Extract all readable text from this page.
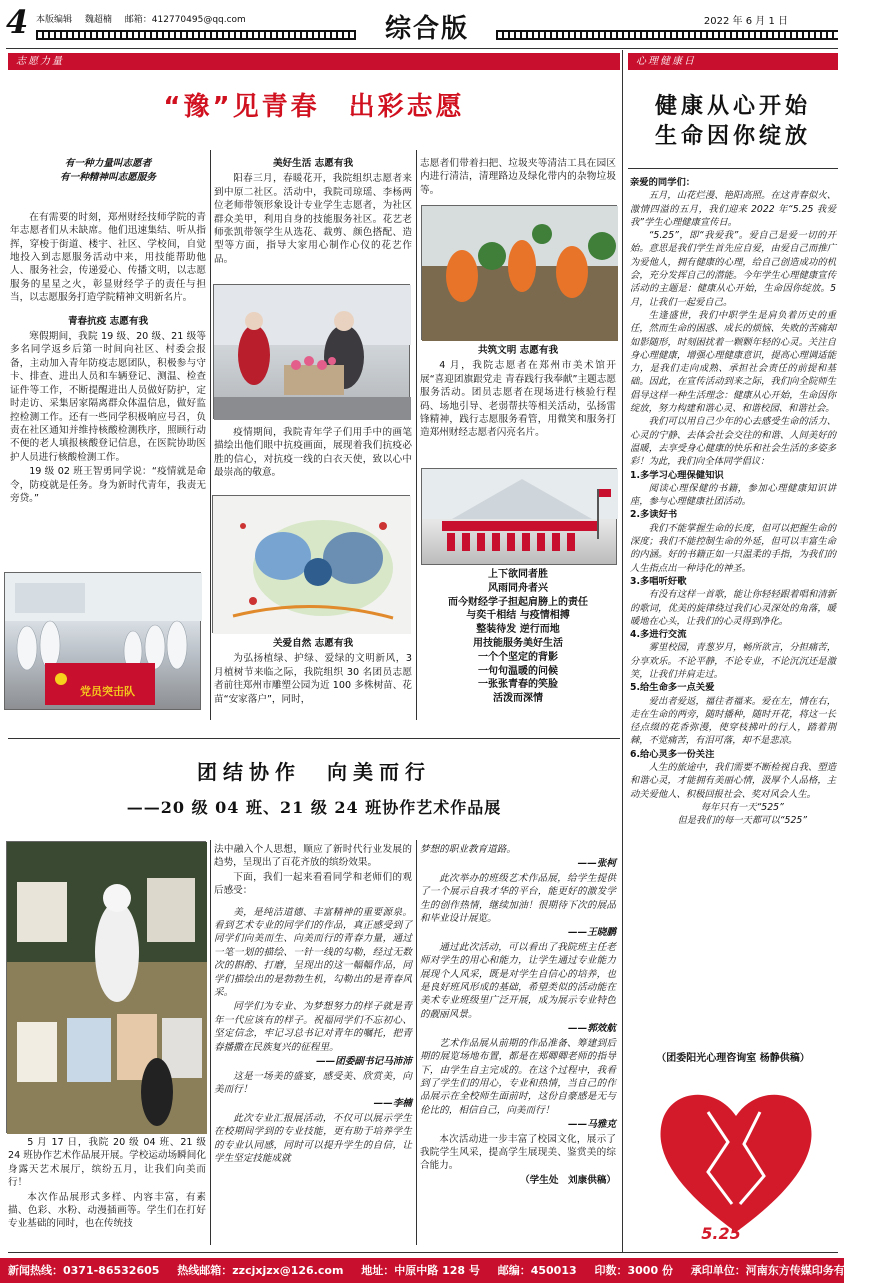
4 本版编辑 魏超楠 邮箱：412770495@qq.com	综合版	2022 年 6 月 1 日
志愿力量	心理健康日
“豫”见青春　出彩志愿

有一种力量叫志愿者

有一种精神叫志愿服务

在有需要的时刻，郑州财经技师学院的青年志愿者们从未缺席。他们迅速集结、听从指挥，穿梭于街道、楼宇、社区、学校间，自觉地投入到志愿服务活动中来，用技能帮助他人、服务社会，传递爱心、传播文明，以志愿服务的星星之火，彰显财经学子的责任与担当，以志愿服务打造学院精神文明新名片。

青春抗疫 志愿有我

寒假期间，我院 19 级、20 级、21 级等多名同学返乡后第一时间向社区、村委会报备，主动加入青年防疫志愿团队，积极参与守卡、排查、进出人员和车辆登记、测温、检查证件等工作，不断提醒进出人员做好防护，定时走访、采集居家隔离群众体温信息，做好监控检测工作。还有一些同学积极响应号召，负责在社区通知并维持核酸检测秩序，照顾行动不便的老人填报核酸登记信息，在医院协助医护人员进行核酸检测工作。

19 级 02 班王智勇同学说：“疫情就是命令，防疫就是任务。身为新时代青年，我责无旁贷。”

党员突击队

美好生活 志愿有我

阳春三月，春暖花开，我院组织志愿者来到中原二社区。活动中，我院司琼瑶、李杨两位老师带领形象设计专业学生志愿者，为社区群众美甲，利用自身的技能服务社区。花艺老师张凯带领学生从选花、裁剪、颜色搭配、造型等方面，指导大家用心制作心仪的花艺作品。

疫情期间，我院青年学子们用手中的画笔描绘出他们眼中抗疫画面，展现着我们抗疫必胜的信心，对抗疫一线的白衣天使，致以心中最崇高的敬意。

关爱自然 志愿有我

为弘扬植绿、护绿、爱绿的文明新风，3 月植树节来临之际，我院组织 30 名团员志愿者前往郑州市雕塑公园为近 100 多株树苗、花苗“安家落户”，同时，

志愿者们带着扫把、垃圾夹等清洁工具在园区内进行清洁，清理路边及绿化带内的杂物垃圾等。

共筑文明 志愿有我

4 月，我院志愿者在郑州市美术馆开展“喜迎团旗跟党走 青春践行我奉献”主题志愿服务活动。团员志愿者在现场进行核验行程码、场地引导、老弱帮扶等相关活动，弘扬雷锋精神，践行志愿服务看管，用微笑和服务打造郑州财经志愿者闪亮名片。

上下欲同者胜
风雨同舟者兴
而今财经学子担起肩膀上的责任
与奕千相结 与疫情相搏
整装待发 逆行而地
用技能服务美好生活
一个个坚定的背影
一句句温暖的问候
一张张青春的笑脸
活泼而深情
团结协作　向美而行
——20 级 04 班、21 级 24 班协作艺术作品展

5 月 17 日，我院 20 级 04 班、21 级 24 班协作艺术作品展开展。学校运动场瞬间化身露天艺术展厅，缤纷五月，让我们向美而行！

本次作品展形式多样、内容丰富，有素描、色彩、水粉、动漫插画等。学生们在打好专业基础的同时，也在传统技

法中融入个人思想，顺应了新时代行业发展的趋势，呈现出了百花齐放的缤纷效果。

下面，我们一起来看看同学和老师们的观后感受：

美，是纯洁道德、丰富精神的重要源泉。看到艺术专业的同学们的作品，真正感受到了同学们向美而生、向美而行的青春力量，通过一笔一划的描绘、一针一线的勾勒，经过无数次的斟酌、打磨，呈现出的这一幅幅作品，同学们描绘出的是勃勃生机，勾勒出的是青春风采。

同学们为专业、为梦想努力的样子就是青年一代应该有的样子。祝福同学们不忘初心、坚定信念，牢记习总书记对青年的嘱托，把青春播撒在民族复兴的征程里。

——团委副书记马沛沛

这是一场美的盛宴，感受美、欣赏美，向美而行！

——李楠

此次专业汇报展活动，不仅可以展示学生在校期间学到的专业技能，更有助于培养学生的专业认同感，同时可以提升学生的自信，让学生坚定技能成就

梦想的职业教育道路。

——张柯

此次举办的班级艺术作品展，给学生提供了一个展示自我才华的平台，能更好的激发学生的创作热情，继续加油！很期待下次的展品和毕业设计展览。

——王晓鹏

通过此次活动，可以看出了我院班主任老师对学生的用心和能力，让学生通过专业能力展现个人风采，既是对学生自信心的培养，也是良好班风形成的基础，希望类似的活动能在美术专业班级里广泛开展，成为展示专业特色的靓丽风景。

——郭效航

艺术作品展从前期的作品准备、筹建到后期的展览场地布置，都是在郑卿卿老师的指导下，由学生自主完成的。在这个过程中，我看到了学生们的用心，专业和热情，当自己的作品展示在全校师生面前时，这份自豪感是无与伦比的，相信自己，向美而行！

——马雅克

本次活动进一步丰富了校园文化，展示了我院学生风采，提高学生展现美、鉴赏美的综合能力。

（学生处　刘康供稿）

健康从心开始
生命因你绽放

亲爱的同学们：

五月，山花烂漫、艳阳高照。在这青春似火、激情四溢的五月，我们迎来 2022 年“5.25 我爱我”学生心理健康宣传日。

“5.25”，即“我爱我”。爱自己是爱一切的开始。意思是我们学生首先应自爱，由爱自己而推广为爱他人，拥有健康的心理，给自己创造成功的机会，充分发挥自己的潜能。今年学生心理健康宣传活动的主题是：健康从心开始，生命因你绽放。5 月，让我们一起爱自己。

生逢盛世，我们中职学生是肩负着历史的重任，然而生命的困惑、成长的烦恼、失败的苦痛却如影随形，时刻困扰着一颗颗年轻的心灵。关注自身心理健康，增强心理健康意识，提高心理调适能力，是我们走向成熟、承担社会责任的前提和基础。因此，在宣传活动到来之际，我们向全院师生倡导这样一种生活理念：健康从心开始，生命因你绽放，努力构建和谐心灵、和谐校园、和谐社会。

我们可以用自己少年的心去感受生命的活力、心灵的宁静、去体会社会交往的和谐、人间美好的温暖，去享受身心健康的快乐和社会生活的多姿多彩！为此，我们向全体同学倡议：

1.多学习心理保健知识

阅读心理保健的书籍，参加心理健康知识讲座，参与心理健康社团活动。

2.多读好书

我们不能掌握生命的长度，但可以把握生命的深度；我们不能控制生命的外延，但可以丰富生命的内涵。好的书籍正如一只温柔的手指，为我们的人生指点出一种诗化的神圣。

3.多唱听好歌

有没有这样一首歌，能让你轻轻跟着唱和清新的歌词，优美的旋律绕过我们心灵深处的角落，暖暖地在心头，让我们的心灵得到净化。

4.多进行交流

雾里校园，青葱岁月，畅所欲言，分担痛苦，分享欢乐。不论平静，不论专业，不论沉沉还是激笑，让我们并肩走过。

5.给生命多一点关爱

爱出者爱返，福往者福来。爱在左，情在右，走在生命的两旁，随时播种，随时开花，将这一长径点缀的花香弥漫，使穿枝拂叶的行人，踏着荆棘，不觉痛苦，有泪可落，却不是悲凉。

6.给心灵多一份关注

人生的旅途中，我们需要不断检视自我、塑造和谐心灵，才能拥有美丽心情，汲厚个人品格，主动关爱他人、积极回报社会、奖对风会人生。

每年只有一天“525”

但是我们的每一天都可以“525”

（团委阳光心理咨询室 杨静供稿）
5.25
新闻热线：0371-86532605 热线邮箱：zzcjxjzx@126.com 地址：中原中路 128 号 邮编：450013 印数：3000 份 承印单位：河南东方传媒印务有限公司
